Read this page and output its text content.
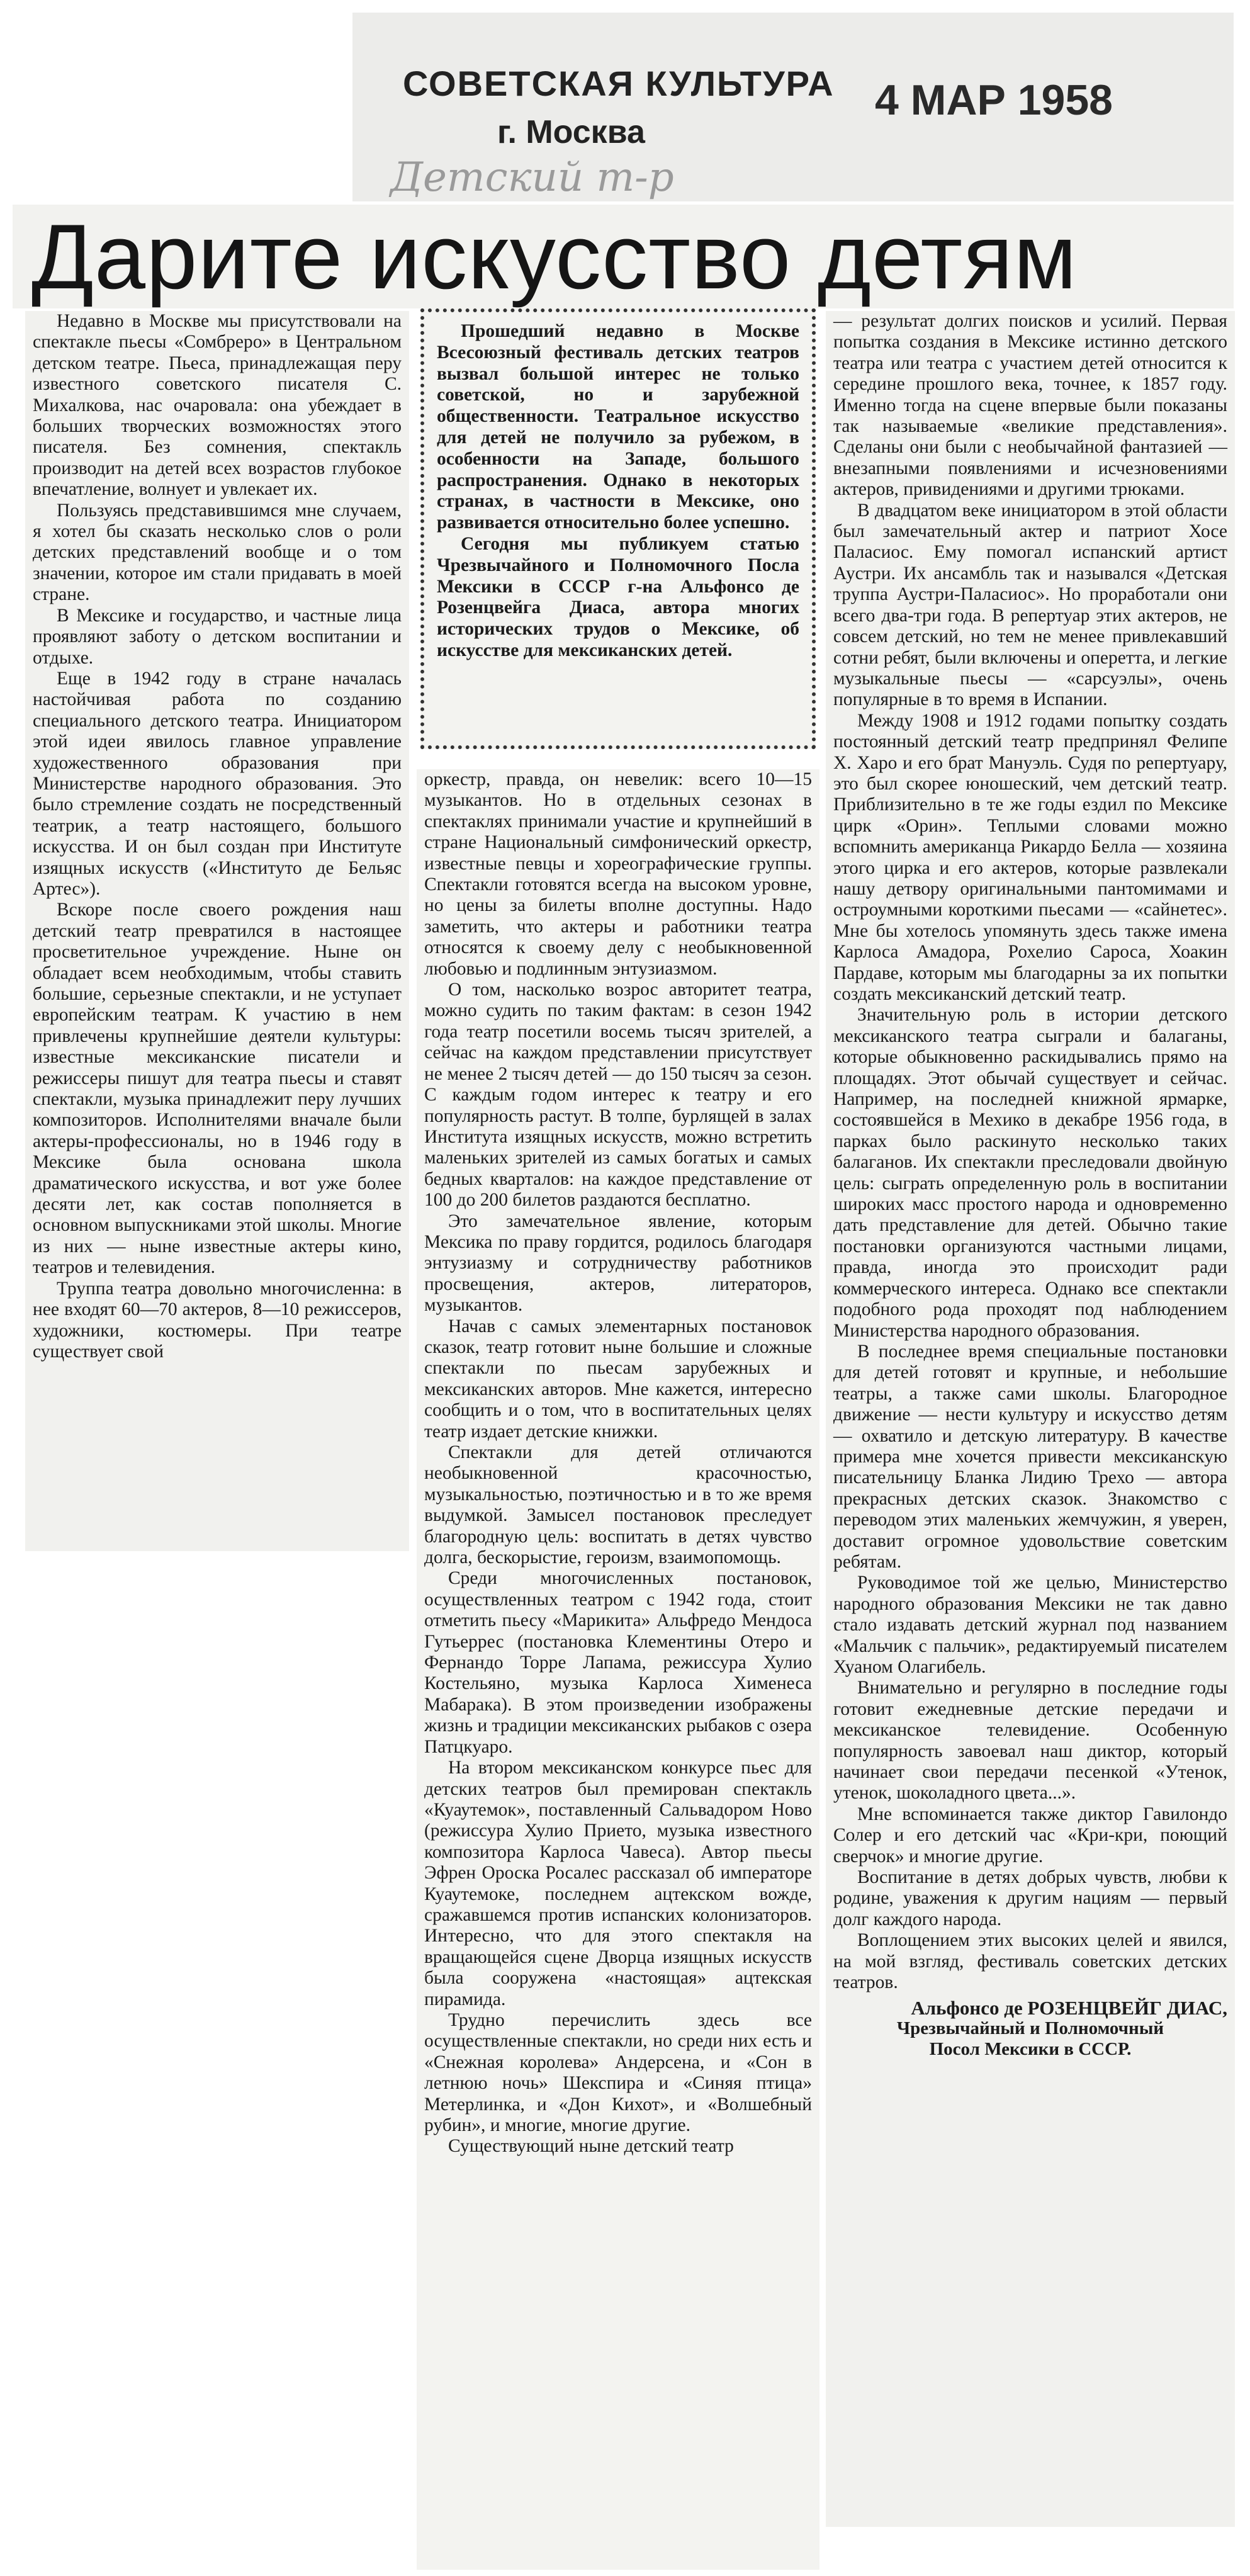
СОВЕТСКАЯ КУЛЬТУРА
г. Москва
4 МАР 1958
Детский т-р
Дарите искусство детям

Недавно в Москве мы присутствовали на спектакле пьесы «Сомбреро» в Центральном детском театре. Пьеса, принадлежащая перу известного советского писателя С. Михалкова, нас очаровала: она убеждает в больших творческих возможностях этого писателя. Без сомнения, спектакль производит на детей всех возрастов глубокое впечатление, волнует и увлекает их.

Пользуясь представившимся мне случаем, я хотел бы сказать несколько слов о роли детских представлений вообще и о том значении, которое им стали придавать в моей стране.

В Мексике и государство, и частные лица проявляют заботу о детском воспитании и отдыхе.

Еще в 1942 году в стране началась настойчивая работа по созданию специального детского театра. Инициатором этой идеи явилось главное управление художественного образования при Министерстве народного образования. Это было стремление создать не посредственный театрик, а театр настоящего, большого искусства. И он был создан при Институте изящных искусств («Институто де Бельяс Артес»).

Вскоре после своего рождения наш детский театр превратился в настоящее просветительное учреждение. Ныне он обладает всем необходимым, чтобы ставить большие, серьезные спектакли, и не уступает европейским театрам. К участию в нем привлечены крупнейшие деятели культуры: известные мексиканские писатели и режиссеры пишут для театра пьесы и ставят спектакли, музыка принадлежит перу лучших композиторов. Исполнителями вначале были актеры-профессионалы, но в 1946 году в Мексике была основана школа драматического искусства, и вот уже более десяти лет, как состав пополняется в основном выпускниками этой школы. Многие из них — ныне известные актеры кино, театров и телевидения.

Труппа театра довольно многочисленна: в нее входят 60—70 актеров, 8—10 режиссеров, художники, костюмеры. При театре существует свой

Прошедший недавно в Москве Всесоюзный фестиваль детских театров вызвал большой интерес не только советской, но и зарубежной общественности. Театральное искусство для детей не получило за рубежом, в особенности на Западе, большого распространения. Однако в некоторых странах, в частности в Мексике, оно развивается относительно более успешно.

Сегодня мы публикуем статью Чрезвычайного и Полномочного Посла Мексики в СССР г-на Альфонсо де Розенцвейга Диаса, автора многих исторических трудов о Мексике, об искусстве для мексиканских детей.

оркестр, правда, он невелик: всего 10—15 музыкантов. Но в отдельных сезонах в спектаклях принимали участие и крупнейший в стране Национальный симфонический оркестр, известные певцы и хореографические группы. Спектакли готовятся всегда на высоком уровне, но цены за билеты вполне доступны. Надо заметить, что актеры и работники театра относятся к своему делу с необыкновенной любовью и подлинным энтузиазмом.

О том, насколько возрос авторитет театра, можно судить по таким фактам: в сезон 1942 года театр посетили восемь тысяч зрителей, а сейчас на каждом представлении присутствует не менее 2 тысяч детей — до 150 тысяч за сезон. С каждым годом интерес к театру и его популярность растут. В толпе, бурлящей в залах Института изящных искусств, можно встретить маленьких зрителей из самых богатых и самых бедных кварталов: на каждое представление от 100 до 200 билетов раздаются бесплатно.

Это замечательное явление, которым Мексика по праву гордится, родилось благодаря энтузиазму и сотрудничеству работников просвещения, актеров, литераторов, музыкантов.

Начав с самых элементарных постановок сказок, театр готовит ныне большие и сложные спектакли по пьесам зарубежных и мексиканских авторов. Мне кажется, интересно сообщить и о том, что в воспитательных целях театр издает детские книжки.

Спектакли для детей отличаются необыкновенной красочностью, музыкальностью, поэтичностью и в то же время выдумкой. Замысел постановок преследует благородную цель: воспитать в детях чувство долга, бескорыстие, героизм, взаимопомощь.

Среди многочисленных постановок, осуществленных театром с 1942 года, стоит отметить пьесу «Марикита» Альфредо Мендоса Гутьеррес (постановка Клементины Отеро и Фернандо Торре Лапама, режиссура Хулио Костельяно, музыка Карлоса Хименеса Мабарака). В этом произведении изображены жизнь и традиции мексиканских рыбаков с озера Патцкуаро.

На втором мексиканском конкурсе пьес для детских театров был премирован спектакль «Куаутемок», поставленный Сальвадором Ново (режиссура Хулио Прието, музыка известного композитора Карлоса Чавеса). Автор пьесы Эфрен Ороска Росалес рассказал об императоре Куаутемоке, последнем ацтекском вожде, сражавшемся против испанских колонизаторов. Интересно, что для этого спектакля на вращающейся сцене Дворца изящных искусств была сооружена «настоящая» ацтекская пирамида.

Трудно перечислить здесь все осуществленные спектакли, но среди них есть и «Снежная королева» Андерсена, и «Сон в летнюю ночь» Шекспира и «Синяя птица» Метерлинка, и «Дон Кихот», и «Волшебный рубин», и многие, многие другие.

Существующий ныне детский театр

— результат долгих поисков и усилий. Первая попытка создания в Мексике истинно детского театра или театра с участием детей относится к середине прошлого века, точнее, к 1857 году. Именно тогда на сцене впервые были показаны так называемые «великие представления». Сделаны они были с необычайной фантазией — внезапными появлениями и исчезновениями актеров, привидениями и другими трюками.

В двадцатом веке инициатором в этой области был замечательный актер и патриот Хосе Паласиос. Ему помогал испанский артист Аустри. Их ансамбль так и назывался «Детская труппа Аустри-Паласиос». Но проработали они всего два-три года. В репертуар этих актеров, не совсем детский, но тем не менее привлекавший сотни ребят, были включены и оперетта, и легкие музыкальные пьесы — «сарсуэлы», очень популярные в то время в Испании.

Между 1908 и 1912 годами попытку создать постоянный детский театр предпринял Фелипе Х. Харо и его брат Мануэль. Судя по репертуару, это был скорее юношеский, чем детский театр. Приблизительно в те же годы ездил по Мексике цирк «Орин». Теплыми словами можно вспомнить американца Рикардо Белла — хозяина этого цирка и его актеров, которые развлекали нашу детвору оригинальными пантомимами и остроумными короткими пьесами — «сайнетес». Мне бы хотелось упомянуть здесь также имена Карлоса Амадора, Рохелио Сароса, Хоакин Пардаве, которым мы благодарны за их попытки создать мексиканский детский театр.

Значительную роль в истории детского мексиканского театра сыграли и балаганы, которые обыкновенно раскидывались прямо на площадях. Этот обычай существует и сейчас. Например, на последней книжной ярмарке, состоявшейся в Мехико в декабре 1956 года, в парках было раскинуто несколько таких балаганов. Их спектакли преследовали двойную цель: сыграть определенную роль в воспитании широких масс простого народа и одновременно дать представление для детей. Обычно такие постановки организуются частными лицами, правда, иногда это происходит ради коммерческого интереса. Однако все спектакли подобного рода проходят под наблюдением Министерства народного образования.

В последнее время специальные постановки для детей готовят и крупные, и небольшие театры, а также сами школы. Благородное движение — нести культуру и искусство детям — охватило и детскую литературу. В качестве примера мне хочется привести мексиканскую писательницу Бланка Лидию Трехо — автора прекрасных детских сказок. Знакомство с переводом этих маленьких жемчужин, я уверен, доставит огромное удовольствие советским ребятам.

Руководимое той же целью, Министерство народного образования Мексики не так давно стало издавать детский журнал под названием «Мальчик с пальчик», редактируемый писателем Хуаном Олагибель.

Внимательно и регулярно в последние годы готовит ежедневные детские передачи и мексиканское телевидение. Особенную популярность завоевал наш диктор, который начинает свои передачи песенкой «Утенок, утенок, шоколадного цвета...».

Мне вспоминается также диктор Гавилондо Солер и его детский час «Кри-кри, поющий сверчок» и многие другие.

Воспитание в детях добрых чувств, любви к родине, уважения к другим нациям — первый долг каждого народа.

Воплощением этих высоких целей и явился, на мой взгляд, фестиваль советских детских театров.

Альфонсо де РОЗЕНЦВЕЙГ ДИАС,
Чрезвычайный и Полномочный
Посол Мексики в СССР.
